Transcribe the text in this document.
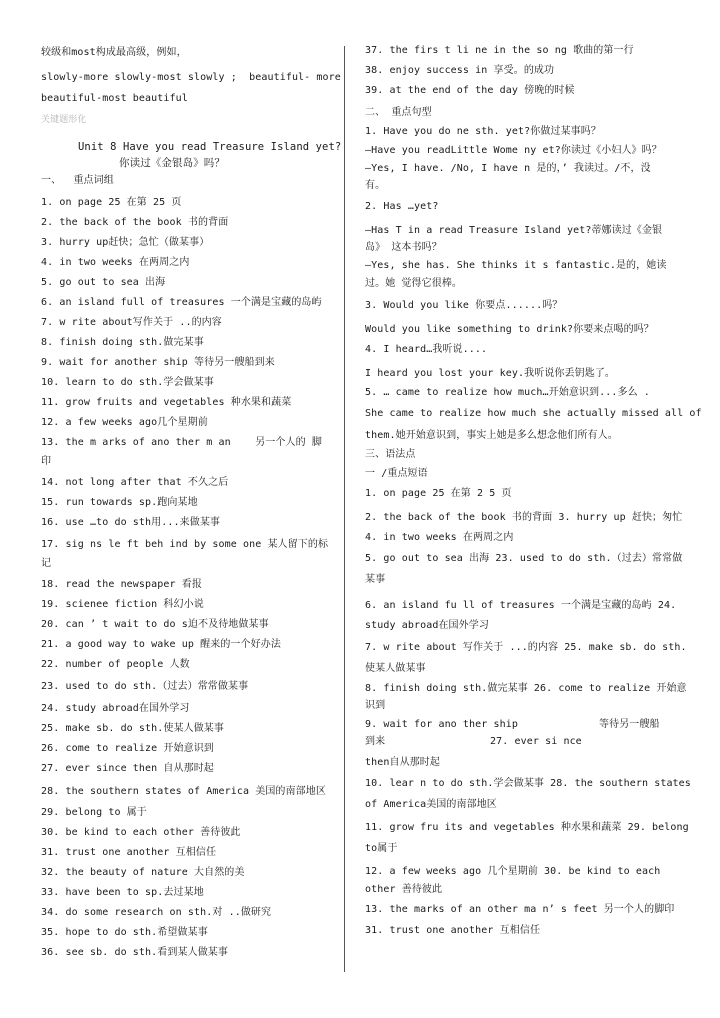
较级和most构成最高级，例如，
slowly-more slowly-most slowly ;  beautiful- more
beautiful-most beautiful
关键题形化
Unit 8 Have you read Treasure Island yet?
你读过《金银岛》吗？
一、  重点词组
1. on page 25 在第 25 页
2. the back of the book 书的背面
3. hurry up赶快；急忙（做某事）
4. in two weeks 在两周之内
5. go out to sea 出海
6. an island full of treasures 一个满是宝藏的岛屿
7. w rite about写作关于 ..的内容
8. finish doing sth.做完某事
9. wait for another ship 等待另一艘船到来
10. learn to do sth.学会做某事
11. grow fruits and vegetables 种水果和蔬菜
12. a few weeks ago几个星期前
13. the m arks of ano ther m an    另一个人的 脚
印
14. not long after that 不久之后
15. run towards sp.跑向某地
16. use …to do sth用...来做某事
17. sig ns le ft beh ind by some one 某人留下的标
记
18. read the newspaper 看报
19. scienee fiction 科幻小说
20. can ’ t wait to do s迫不及待地做某事
21. a good way to wake up 醒来的一个好办法
22. number of people 人数
23. used to do sth.（过去）常常做某事
24. study abroad在国外学习
25. make sb. do sth.使某人做某事
26. come to realize 开始意识到
27. ever since then 自从那时起
28. the southern states of America 美国的南部地区
29. belong to 属于
30. be kind to each other 善待彼此
31. trust one another 互相信任
32. the beauty of nature 大自然的美
33. have been to sp.去过某地
34. do some research on sth.对 ..做研究
35. hope to do sth.希望做某事
36. see sb. do sth.看到某人做某事
37. the firs t li ne in the so ng 歌曲的第一行
38. enjoy success in 享受。的成功
39. at the end of the day 傍晚的时候
二、 重点句型
1. Have you do ne sth. yet?你做过某事吗？
—Have you readLittle Wome ny et?你读过《小妇人》吗？
—Yes, I have. /No, I have n 是的，’ 我读过。/不，没
有。
2. Has …yet?
—Has T in a read Treasure Island yet?蒂娜读过《金银
岛》 这本书吗？
—Yes, she has. She thinks it s fantastic.是的，她读
过。她 觉得它很棒。
3. Would you like 你要点......吗？
Would you like something to drink?你要来点喝的吗？
4. I heard…我听说....
I heard you lost your key.我听说你丢钥匙了。
5. … came to realize how much…开始意识到...多么 .
She came to realize how much she actually missed all of
them.她开始意识到，事实上她是多么想念他们所有人。
三、语法点
一 /重点短语
1. on page 25 在第 2 5 页
2. the back of the book 书的背面 3. hurry up 赶快；匆忙
4. in two weeks 在两周之内
5. go out to sea 出海 23. used to do sth.（过去）常常做
某事
6. an island fu ll of treasures 一个满是宝藏的岛屿 24.
study abroad在国外学习
7. w rite about 写作关于 ...的内容 25. make sb. do sth.
使某人做某事
8. finish doing sth.做完某事 26. come to realize 开始意
识到
9. wait for ano ther ship	等待另一艘船
到来	27. ever si nce
then自从那时起
10. lear n to do sth.学会做某事 28. the southern states
of America美国的南部地区
11. grow fru its and vegetables 种水果和蔬菜 29. belong
to属于
12. a few weeks ago 几个星期前 30. be kind to each
other 善待彼此
13. the marks of an other ma n’ s feet 另一个人的脚印
31. trust one another 互相信任
